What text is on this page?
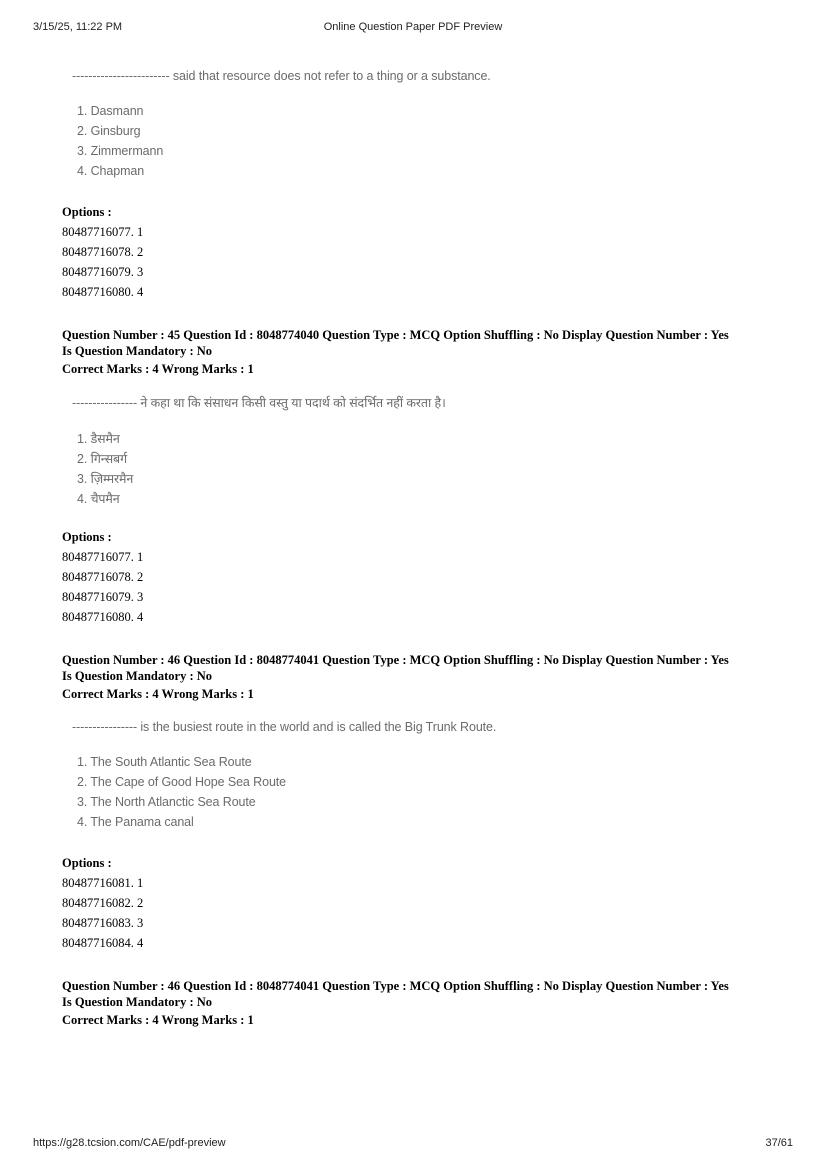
3/15/25, 11:22 PM	Online Question Paper PDF Preview
------------------------ said that resource does not refer to a thing or a substance.
1. Dasmann
2. Ginsburg
3. Zimmermann
4. Chapman
Options :
80487716077. 1
80487716078. 2
80487716079. 3
80487716080. 4
Question Number : 45 Question Id : 8048774040 Question Type : MCQ Option Shuffling : No Display Question Number : Yes
Is Question Mandatory : No
Correct Marks : 4 Wrong Marks : 1
---------------- ने कहा था कि संसाधन किसी वस्तु या पदार्थ को संदर्भित नहीं करता है।
1. डैसमैन
2. गिन्सबर्ग
3. ज़िम्मरमैन
4. चैपमैन
Options :
80487716077. 1
80487716078. 2
80487716079. 3
80487716080. 4
Question Number : 46 Question Id : 8048774041 Question Type : MCQ Option Shuffling : No Display Question Number : Yes
Is Question Mandatory : No
Correct Marks : 4 Wrong Marks : 1
---------------- is the busiest route in the world and is called the Big Trunk Route.
1. The South Atlantic Sea Route
2. The Cape of Good Hope Sea Route
3. The North Atlanctic Sea Route
4. The Panama canal
Options :
80487716081. 1
80487716082. 2
80487716083. 3
80487716084. 4
Question Number : 46 Question Id : 8048774041 Question Type : MCQ Option Shuffling : No Display Question Number : Yes
Is Question Mandatory : No
Correct Marks : 4 Wrong Marks : 1
https://g28.tcsion.com/CAE/pdf-preview	37/61
